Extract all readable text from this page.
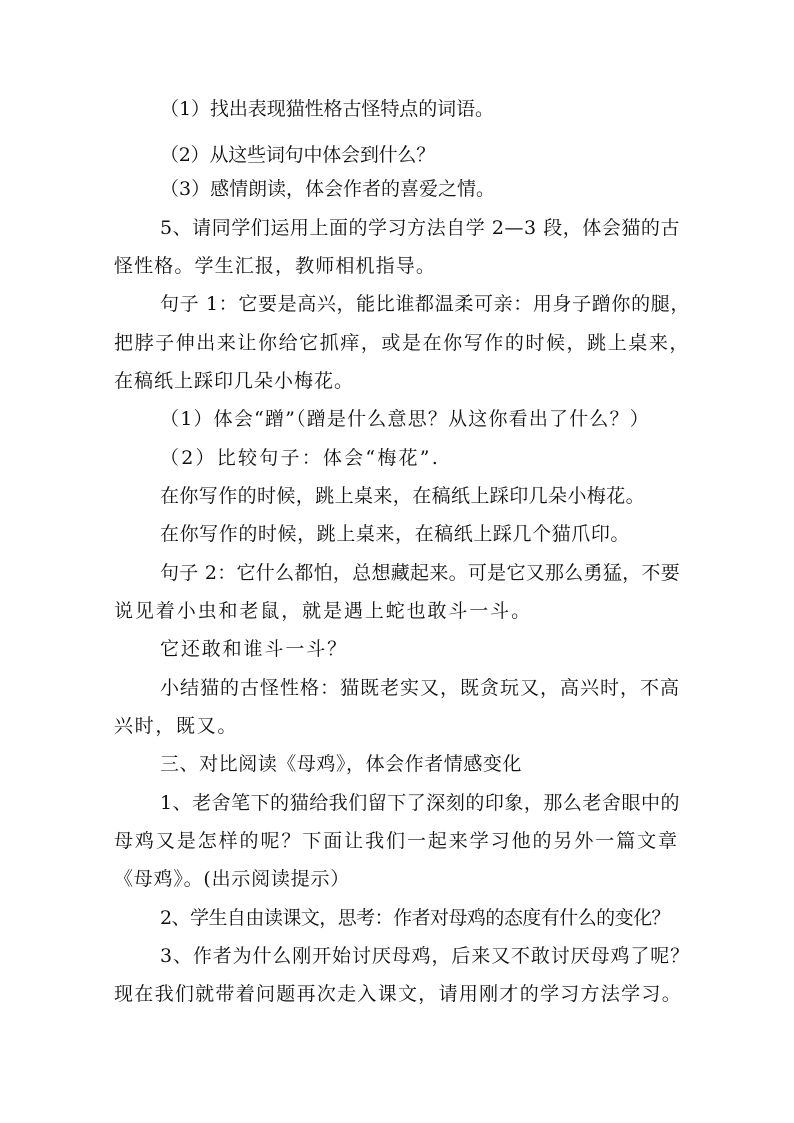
（1）找出表现猫性格古怪特点的词语。
（2）从这些词句中体会到什么？
（3）感情朗读，体会作者的喜爱之情。
5、请同学们运用上面的学习方法自学 2—3 段，体会猫的古
怪性格。学生汇报，教师相机指导。
句子 1：它要是高兴，能比谁都温柔可亲：用身子蹭你的腿，
把脖子伸出来让你给它抓痒，或是在你写作的时候，跳上桌来，
在稿纸上踩印几朵小梅花。
（1）体会“蹭”（蹭是什么意思？从这你看出了什么？）
（2）比较句子：体会“梅花”.
在你写作的时候，跳上桌来，在稿纸上踩印几朵小梅花。
在你写作的时候，跳上桌来，在稿纸上踩几个猫爪印。
句子 2：它什么都怕，总想藏起来。可是它又那么勇猛，不要
说见着小虫和老鼠，就是遇上蛇也敢斗一斗。
它还敢和谁斗一斗？
小结猫的古怪性格：猫既老实又，既贪玩又，高兴时，不高
兴时，既又。
三、对比阅读《母鸡》，体会作者情感变化
1、老舍笔下的猫给我们留下了深刻的印象，那么老舍眼中的
母鸡又是怎样的呢？下面让我们一起来学习他的另外一篇文章
《母鸡》。(出示阅读提示）
2、学生自由读课文，思考：作者对母鸡的态度有什么的变化？
3、作者为什么刚开始讨厌母鸡，后来又不敢讨厌母鸡了呢？
现在我们就带着问题再次走入课文，请用刚才的学习方法学习。
